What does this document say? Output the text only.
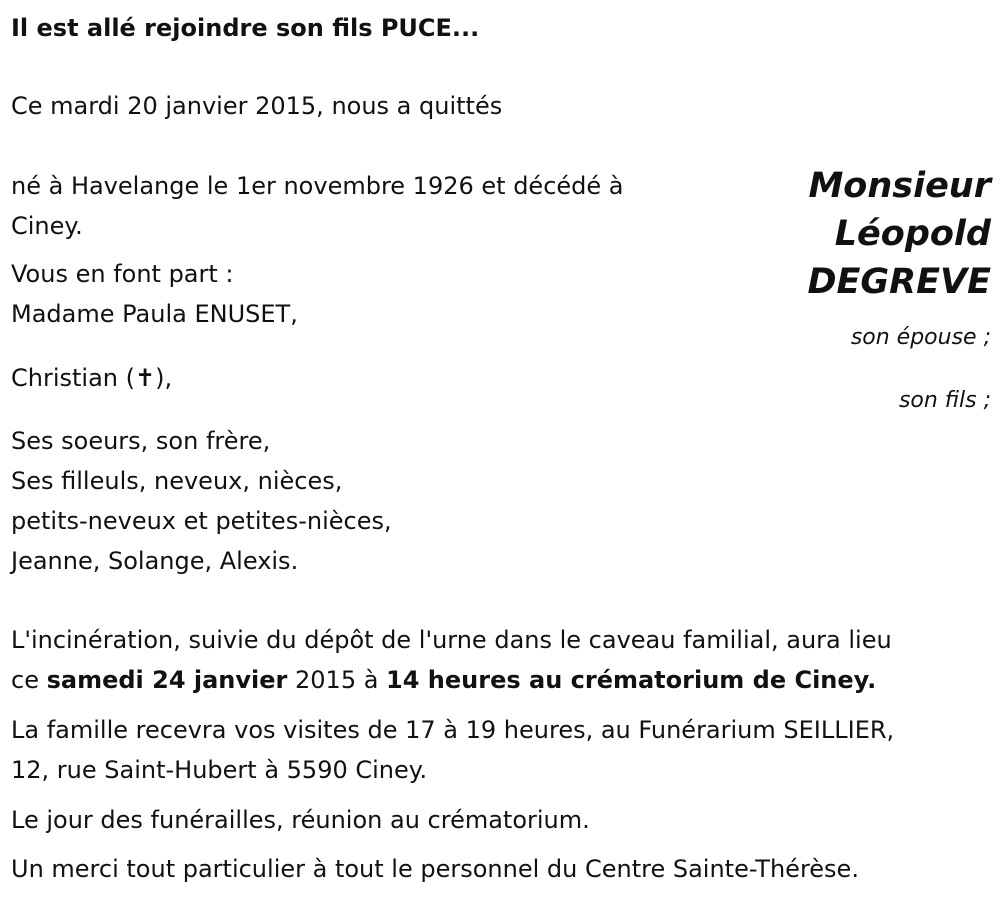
Il est allé rejoindre son fils PUCE...
Ce mardi 20 janvier 2015, nous a quittés
Monsieur
Léopold
DEGREVE
né à Havelange le 1er novembre 1926 et décédé à
Ciney.
Vous en font part :
Madame Paula ENUSET,
son épouse ;
Christian (✝),
son fils ;
Ses soeurs, son frère,
Ses filleuls, neveux, nièces,
petits-neveux et petites-nièces,
Jeanne, Solange, Alexis.
L'incinération, suivie du dépôt de l'urne dans le caveau familial, aura lieu
ce samedi 24 janvier 2015 à 14 heures au crématorium de Ciney.
La famille recevra vos visites de 17 à 19 heures, au Funérarium SEILLIER,
12, rue Saint-Hubert à 5590 Ciney.
Le jour des funérailles, réunion au crématorium.
Un merci tout particulier à tout le personnel du Centre Sainte-Thérèse.
